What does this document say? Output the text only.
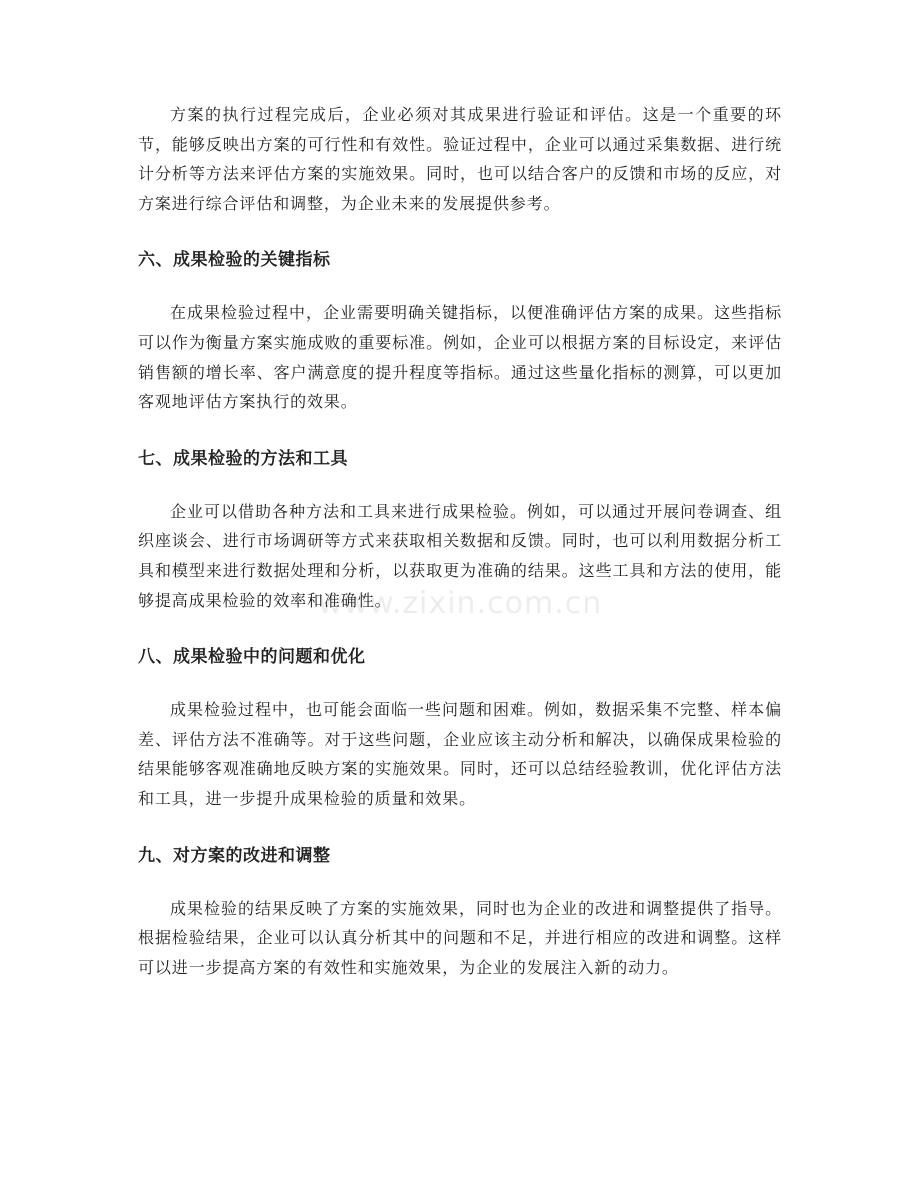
方案的执行过程完成后，企业必须对其成果进行验证和评估。这是一个重要的环节，能够反映出方案的可行性和有效性。验证过程中，企业可以通过采集数据、进行统计分析等方法来评估方案的实施效果。同时，也可以结合客户的反馈和市场的反应，对方案进行综合评估和调整，为企业未来的发展提供参考。

六、成果检验的关键指标

在成果检验过程中，企业需要明确关键指标，以便准确评估方案的成果。这些指标可以作为衡量方案实施成败的重要标准。例如，企业可以根据方案的目标设定，来评估销售额的增长率、客户满意度的提升程度等指标。通过这些量化指标的测算，可以更加客观地评估方案执行的效果。

七、成果检验的方法和工具

企业可以借助各种方法和工具来进行成果检验。例如，可以通过开展问卷调查、组织座谈会、进行市场调研等方式来获取相关数据和反馈。同时，也可以利用数据分析工具和模型来进行数据处理和分析，以获取更为准确的结果。这些工具和方法的使用，能够提高成果检验的效率和准确性。

八、成果检验中的问题和优化

成果检验过程中，也可能会面临一些问题和困难。例如，数据采集不完整、样本偏差、评估方法不准确等。对于这些问题，企业应该主动分析和解决，以确保成果检验的结果能够客观准确地反映方案的实施效果。同时，还可以总结经验教训，优化评估方法和工具，进一步提升成果检验的质量和效果。

九、对方案的改进和调整

成果检验的结果反映了方案的实施效果，同时也为企业的改进和调整提供了指导。根据检验结果，企业可以认真分析其中的问题和不足，并进行相应的改进和调整。这样可以进一步提高方案的有效性和实施效果，为企业的发展注入新的动力。

www.zixin.com.cn
